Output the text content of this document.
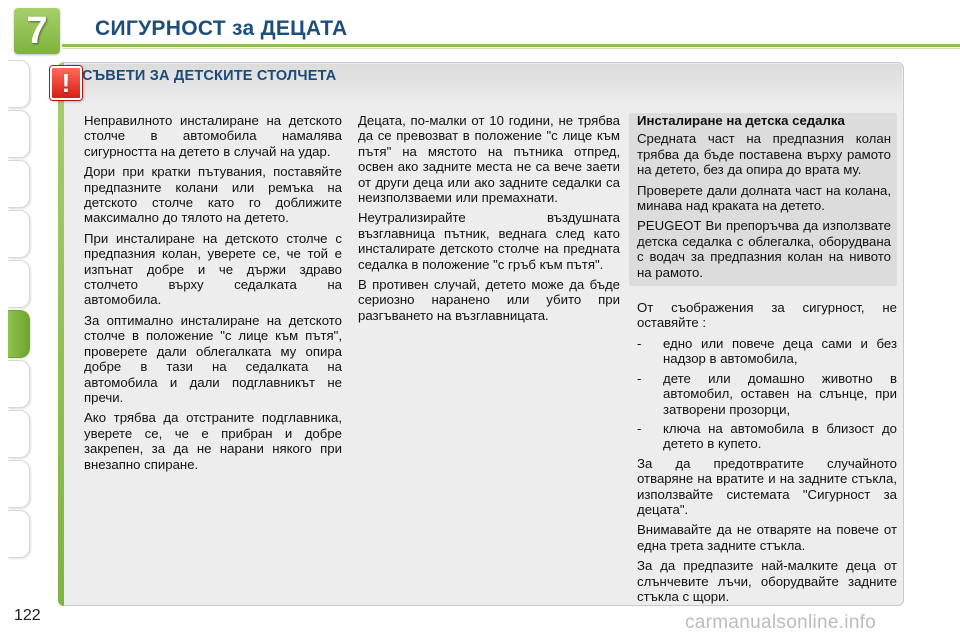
7	СИГУРНОСТ за ДЕЦАТА
! СЪВЕТИ ЗА ДЕТСКИТЕ СТОЛЧЕТА

Неправилното инсталиране на детското столче в автомобила намалява сигурността на детето в случай на удар.

Дори при кратки пътувания, поставяйте предпазните колани или ремъка на детското столче като го доближите максимално до тялото на детето.

При инсталиране на детското столче с предпазния колан, уверете се, че той е изпънат добре и че държи здраво столчето върху седалката на автомобила.

За оптимално инсталиране на детското столче в положение "с лице към пътя", проверете дали облегалката му опира добре в тази на седалката на автомобила и дали подглавникът не пречи.

Ако трябва да отстраните подглавника, уверете се, че е прибран и добре закрепен, за да не нарани някого при внезапно спиране.

Децата, по-малки от 10 години, не трябва да се превозват в положение "с лице към пътя" на мястото на пътника отпред, освен ако задните места не са вече заети от други деца или ако задните седалки са неизползваеми или премахнати.

Неутрализирайте въздушната възглавница пътник, веднага след като инсталирате детското столче на предната седалка в положение "с гръб към пътя".

В противен случай, детето може да бъде сериозно наранено или убито при разгъването на възглавницата.

Инсталиране на детска седалка

Средната част на предпазния колан трябва да бъде поставена върху рамото на детето, без да опира до врата му.

Проверете дали долната част на колана, минава над краката на детето.

PEUGEOT Ви препоръчва да използвате детска седалка с облегалка, оборудвана с водач за предпазния колан на нивото на рамото.

От съображения за сигурност, не оставяйте :

- едно или повече деца сами и без надзор в автомобила,
- дете или домашно животно в автомобил, оставен на слънце, при затворени прозорци,
- ключа на автомобила в близост до детето в купето.

За да предотвратите случайното отваряне на вратите и на задните стъкла, използвайте системата "Сигурност за децата".

Внимавайте да не отваряте на повече от една трета задните стъкла.

За да предпазите най-малките деца от слънчевите лъчи, оборудвайте задните стъкла с щори.

122	carmanualsonline.info
